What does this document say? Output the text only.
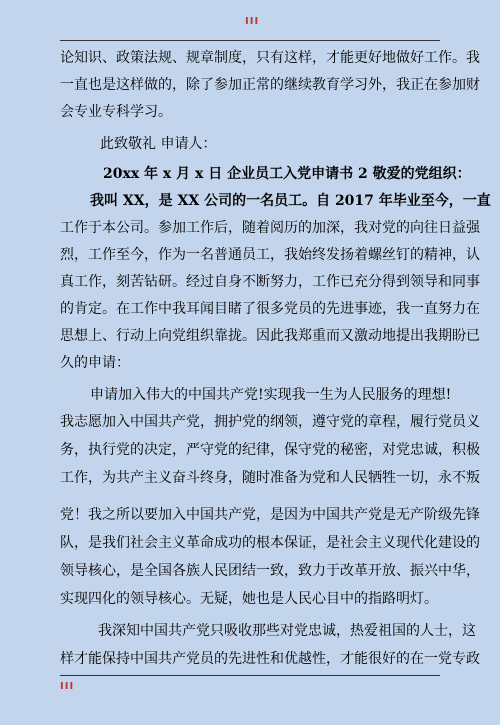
III
论知识、政策法规、规章制度，只有这样，才能更好地做好工作。我
一直也是这样做的，除了参加正常的继续教育学习外，我正在参加财
会专业专科学习。
此致敬礼 申请人：
20xx 年 x 月 x 日 企业员工入党申请书 2 敬爱的党组织：
我叫 XX，是 XX 公司的一名员工。自 2017 年毕业至今，一直
工作于本公司。参加工作后，随着阅历的加深，我对党的向往日益强
烈，工作至今，作为一名普通员工，我始终发扬着螺丝钉的精神，认
真工作，刻苦钻研。经过自身不断努力，工作已充分得到领导和同事
的肯定。在工作中我耳闻目睹了很多党员的先进事迹，我一直努力在
思想上、行动上向党组织靠拢。因此我郑重而又激动地提出我期盼已
久的申请：
申请加入伟大的中国共产党!实现我一生为人民服务的理想!
我志愿加入中国共产党，拥护党的纲领，遵守党的章程，履行党员义
务，执行党的决定，严守党的纪律，保守党的秘密，对党忠诚，积极
工作，为共产主义奋斗终身，随时准备为党和人民牺牲一切，永不叛
党！我之所以要加入中国共产党，是因为中国共产党是无产阶级先锋
队，是我们社会主义革命成功的根本保证，是社会主义现代化建设的
领导核心，是全国各族人民团结一致，致力于改革开放、振兴中华，
实现四化的领导核心。无疑，她也是人民心目中的指路明灯。
我深知中国共产党只吸收那些对党忠诚，热爱祖国的人士，这
样才能保持中国共产党员的先进性和优越性，才能很好的在一党专政
III
